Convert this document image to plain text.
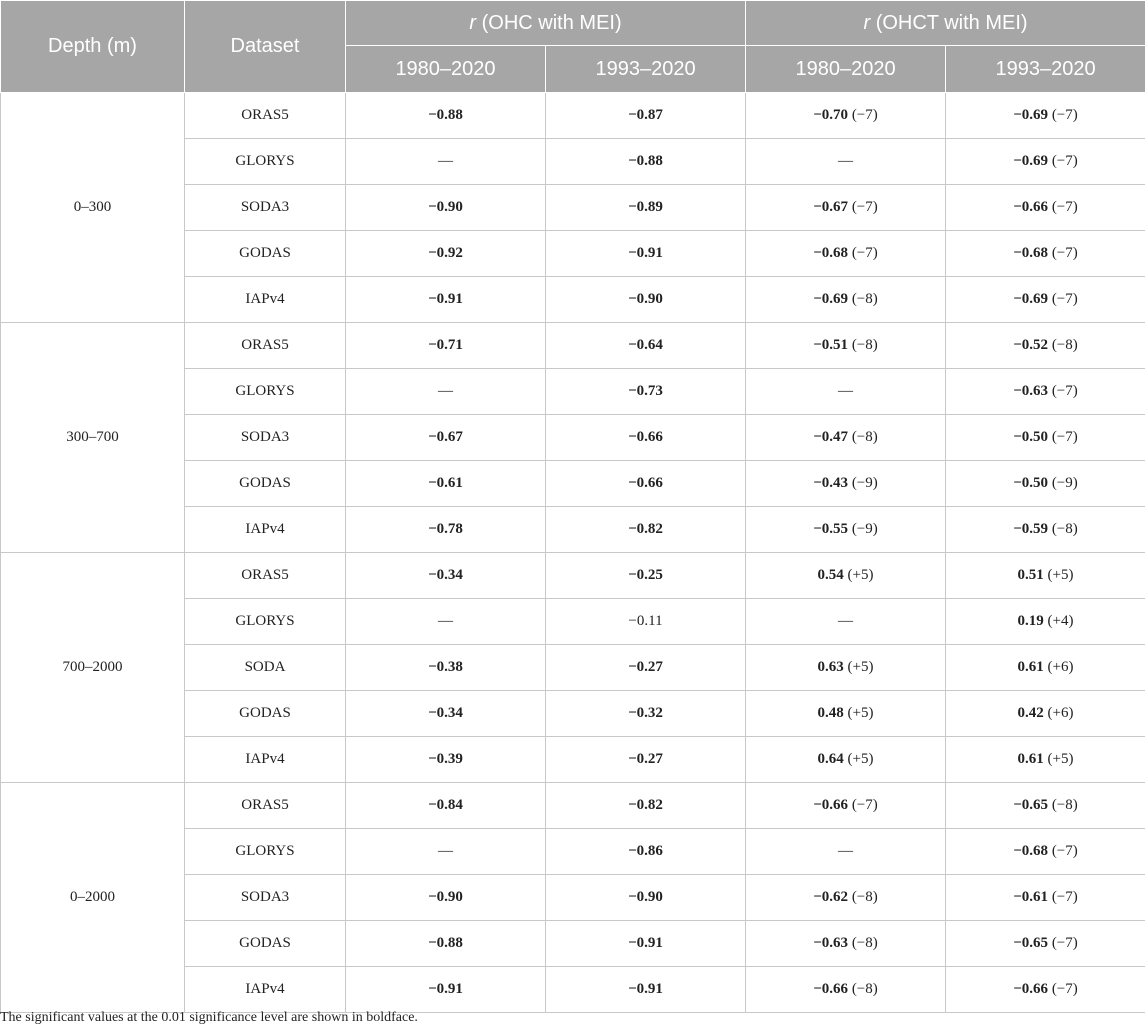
Depth (m)	Dataset	r (OHC with MEI)		r (OHCT with MEI)	
		1980–2020	1993–2020	1980–2020	1993–2020
0–300	ORAS5	−0.88	−0.87	−0.70 (−7)	−0.69 (−7)
	GLORYS	—	−0.88	—	−0.69 (−7)
	SODA3	−0.90	−0.89	−0.67 (−7)	−0.66 (−7)
	GODAS	−0.92	−0.91	−0.68 (−7)	−0.68 (−7)
	IAPv4	−0.91	−0.90	−0.69 (−8)	−0.69 (−7)
300–700	ORAS5	−0.71	−0.64	−0.51 (−8)	−0.52 (−8)
	GLORYS	—	−0.73	—	−0.63 (−7)
	SODA3	−0.67	−0.66	−0.47 (−8)	−0.50 (−7)
	GODAS	−0.61	−0.66	−0.43 (−9)	−0.50 (−9)
	IAPv4	−0.78	−0.82	−0.55 (−9)	−0.59 (−8)
700–2000	ORAS5	−0.34	−0.25	0.54 (+5)	0.51 (+5)
	GLORYS	—	−0.11	—	0.19 (+4)
	SODA	−0.38	−0.27	0.63 (+5)	0.61 (+6)
	GODAS	−0.34	−0.32	0.48 (+5)	0.42 (+6)
	IAPv4	−0.39	−0.27	0.64 (+5)	0.61 (+5)
0–2000	ORAS5	−0.84	−0.82	−0.66 (−7)	−0.65 (−8)
	GLORYS	—	−0.86	—	−0.68 (−7)
	SODA3	−0.90	−0.90	−0.62 (−8)	−0.61 (−7)
	GODAS	−0.88	−0.91	−0.63 (−8)	−0.65 (−7)
	IAPv4	−0.91	−0.91	−0.66 (−8)	−0.66 (−7)

The significant values at the 0.01 significance level are shown in boldface.
